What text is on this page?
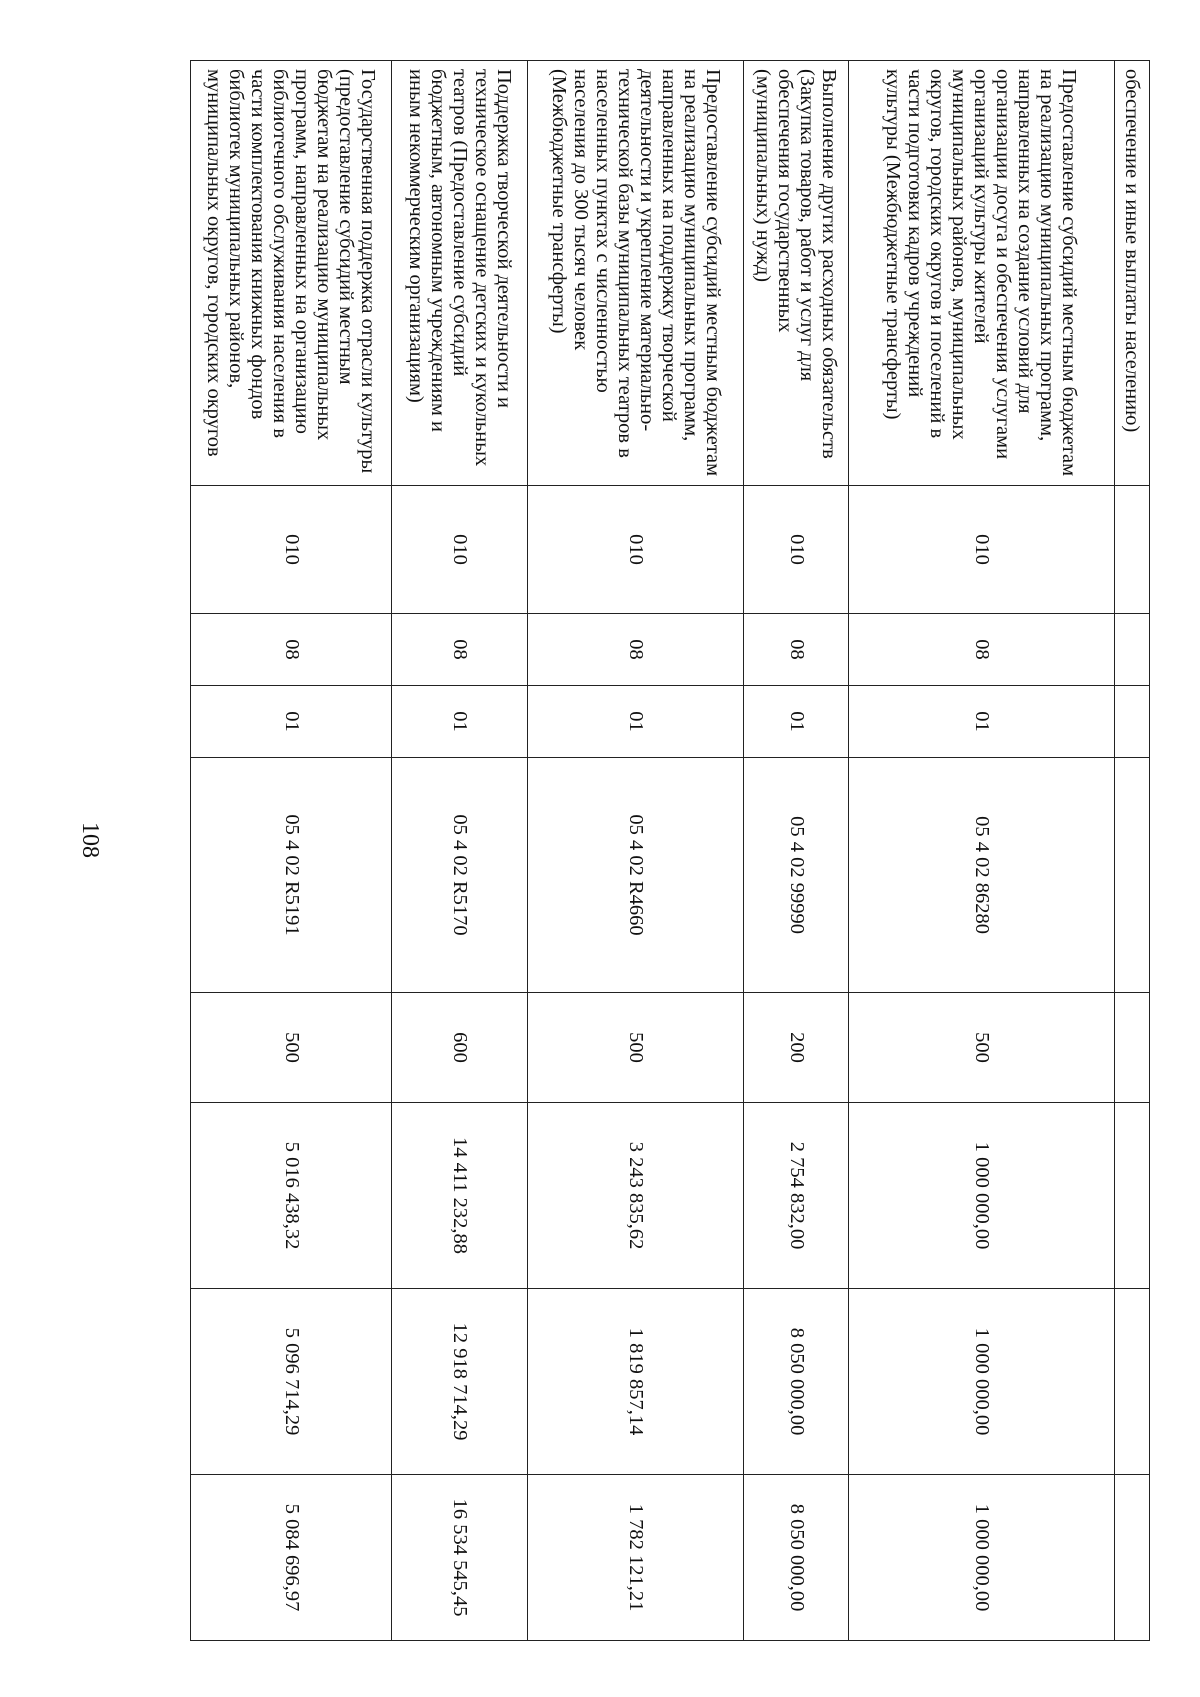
108
обеспечение и иные выплаты населению)								
Предоставление субсидий местным бюджетам на реализацию муниципальных программ, направленных на создание условий для организации досуга и обеспечения услугами организаций культуры жителей муниципальных районов, муниципальных округов, городских округов и поселений в части подготовки кадров учреждений культуры (Межбюджетные трансферты)	010	08	01	05 4 02 86280	500	1 000 000,00	1 000 000,00	1 000 000,00
Выполнение других расходных обязательств (Закупка товаров, работ и услуг для обеспечения государственных (муниципальных) нужд)	010	08	01	05 4 02 99990	200	2 754 832,00	8 050 000,00	8 050 000,00
Предоставление субсидий местным бюджетам на реализацию муниципальных программ, направленных на поддержку творческой деятельности и укрепление материально-технической базы муниципальных театров в населенных пунктах с численностью населения до 300 тысяч человек (Межбюджетные трансферты)	010	08	01	05 4 02 R4660	500	3 243 835,62	1 819 857,14	1 782 121,21
Поддержка творческой деятельности и техническое оснащение детских и кукольных театров (Предоставление субсидий бюджетным, автономным учреждениям и иным некоммерческим организациям)	010	08	01	05 4 02 R5170	600	14 411 232,88	12 918 714,29	16 534 545,45
Государственная поддержка отрасли культуры (предоставление субсидий местным бюджетам на реализацию муниципальных программ, направленных на организацию библиотечного обслуживания населения в части комплектования книжных фондов библиотек муниципальных районов, муниципальных округов, городских округов	010	08	01	05 4 02 R5191	500	5 016 438,32	5 096 714,29	5 084 696,97
